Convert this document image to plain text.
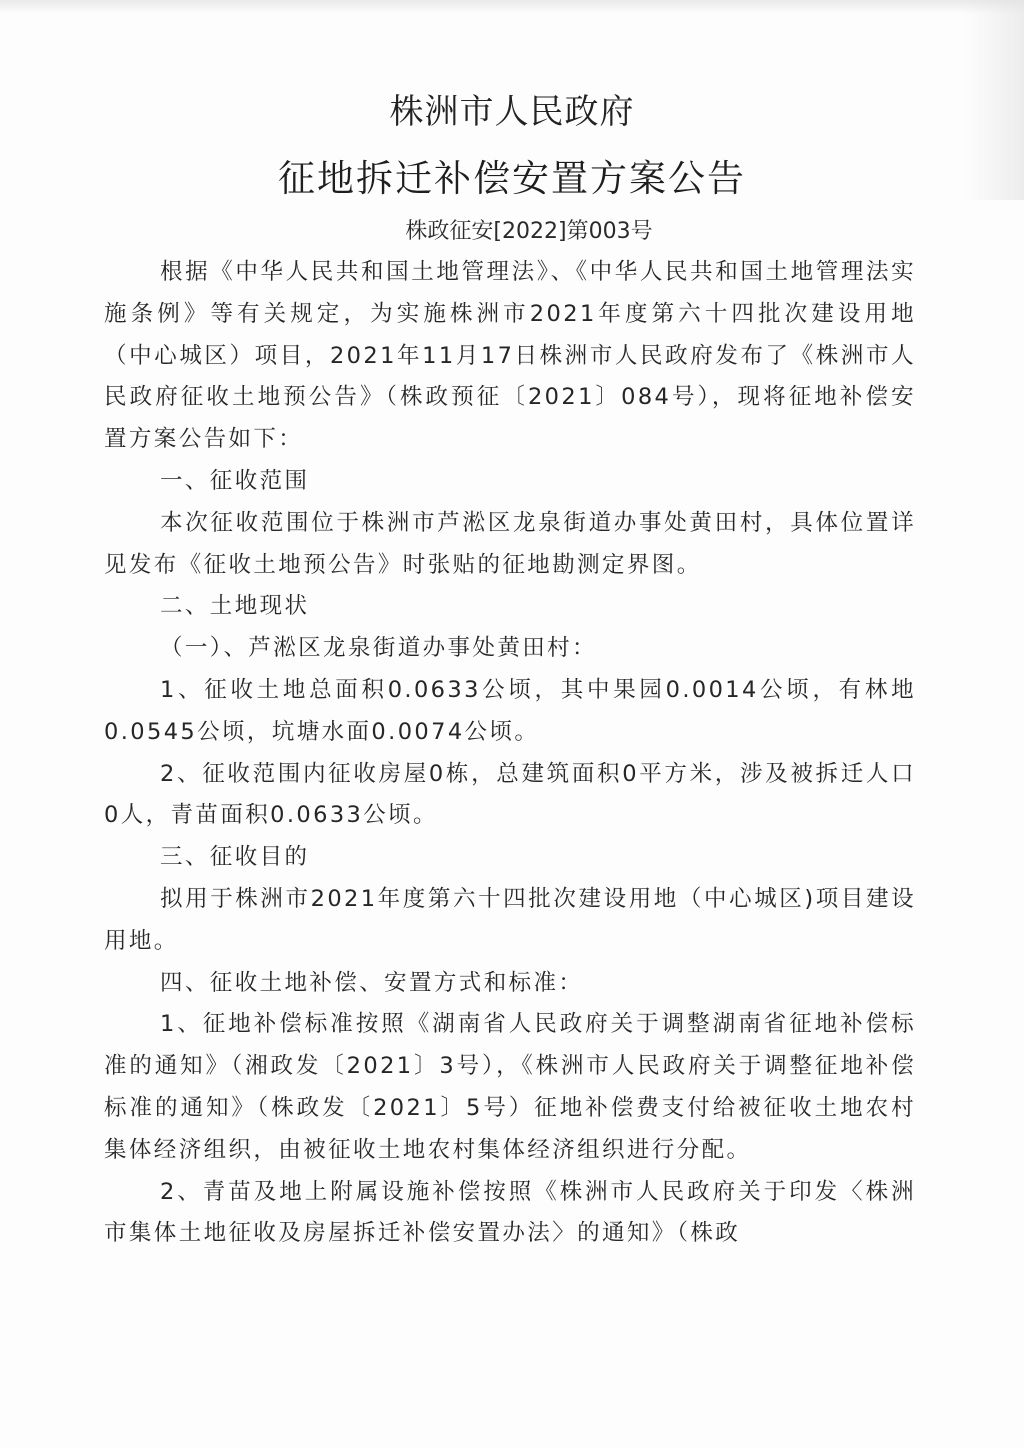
株洲市人民政府
征地拆迁补偿安置方案公告
株政征安[2022]第003号

根据《中华人民共和国土地管理法》、《中华人民共和国土地管理法实施条例》等有关规定，为实施株洲市2021年度第六十四批次建设用地（中心城区）项目，2021年11月17日株洲市人民政府发布了《株洲市人民政府征收土地预公告》（株政预征〔2021〕084号），现将征地补偿安置方案公告如下：

一、征收范围

本次征收范围位于株洲市芦淞区龙泉街道办事处黄田村，具体位置详见发布《征收土地预公告》时张贴的征地勘测定界图。

二、土地现状

（一）、芦淞区龙泉街道办事处黄田村：

1、征收土地总面积0.0633公顷，其中果园0.0014公顷，有林地0.0545公顷，坑塘水面0.0074公顷。

2、征收范围内征收房屋0栋，总建筑面积0平方米，涉及被拆迁人口0人，青苗面积0.0633公顷。

三、征收目的

拟用于株洲市2021年度第六十四批次建设用地（中心城区)项目建设用地。

四、征收土地补偿、安置方式和标准：

1、征地补偿标准按照《湖南省人民政府关于调整湖南省征地补偿标准的通知》（湘政发〔2021〕3号），《株洲市人民政府关于调整征地补偿标准的通知》（株政发〔2021〕5号）征地补偿费支付给被征收土地农村集体经济组织，由被征收土地农村集体经济组织进行分配。

2、青苗及地上附属设施补偿按照《株洲市人民政府关于印发〈株洲市集体土地征收及房屋拆迁补偿安置办法〉的通知》（株政
